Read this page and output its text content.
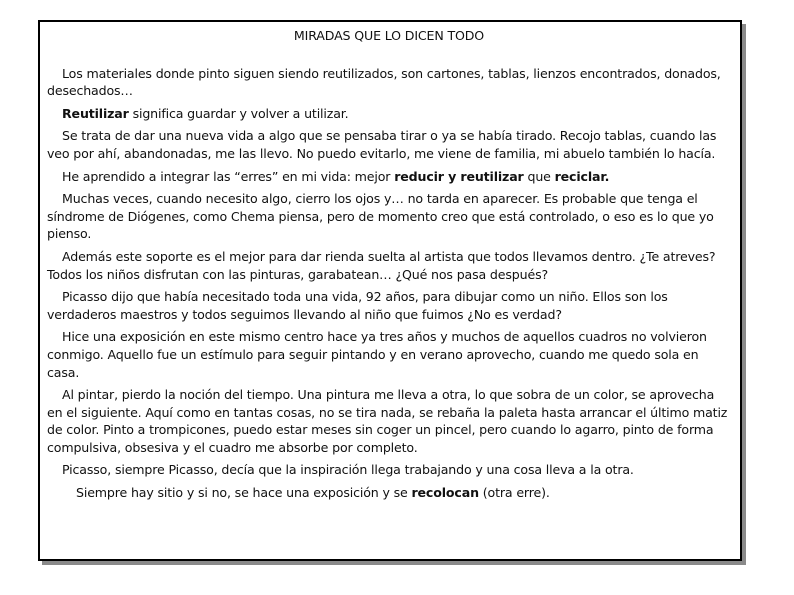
MIRADAS QUE LO DICEN TODO

Los materiales donde pinto siguen siendo reutilizados, son cartones, tablas, lienzos encontrados, donados, desechados…

Reutilizar significa guardar y volver a utilizar.

Se trata de dar una nueva vida a algo que se pensaba tirar o ya se había tirado. Recojo tablas, cuando las veo por ahí, abandonadas, me las llevo. No puedo evitarlo, me viene de familia, mi abuelo también lo hacía.

He aprendido a integrar las “erres” en mi vida: mejor reducir y reutilizar que reciclar.

Muchas veces, cuando necesito algo, cierro los ojos y… no tarda en aparecer. Es probable que tenga el síndrome de Diógenes, como Chema piensa, pero de momento creo que está controlado, o eso es lo que yo pienso.

Además este soporte es el mejor para dar rienda suelta al artista que todos llevamos dentro. ¿Te atreves? Todos los niños disfrutan con las pinturas, garabatean… ¿Qué nos pasa después?

Picasso dijo que había necesitado toda una vida, 92 años, para dibujar como un niño. Ellos son los verdaderos maestros y todos seguimos llevando al niño que fuimos ¿No es verdad?

Hice una exposición en este mismo centro hace ya tres años y muchos de aquellos cuadros no volvieron conmigo. Aquello fue un estímulo para seguir pintando y en verano aprovecho, cuando me quedo sola en casa.

Al pintar, pierdo la noción del tiempo. Una pintura me lleva a otra, lo que sobra de un color, se aprovecha en el siguiente. Aquí como en tantas cosas, no se tira nada, se rebaña la paleta hasta arrancar el último matiz de color. Pinto a trompicones, puedo estar meses sin coger un pincel, pero cuando lo agarro, pinto de forma compulsiva, obsesiva y el cuadro me absorbe por completo.

Picasso, siempre Picasso, decía que la inspiración llega trabajando y una cosa lleva a la otra.

Siempre hay sitio y si no, se hace una exposición y se recolocan (otra erre).
